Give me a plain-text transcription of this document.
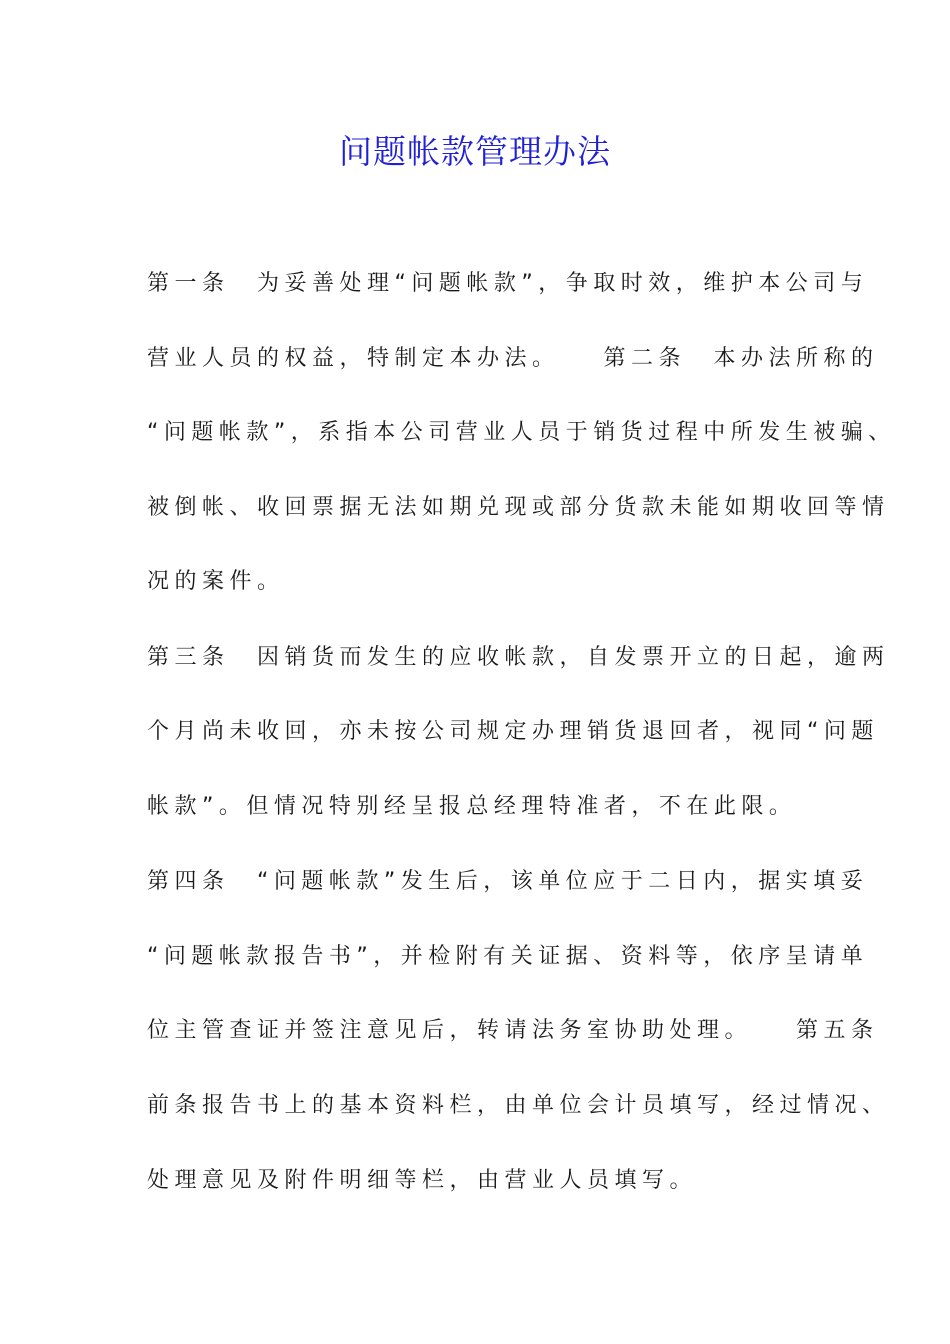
问题帐款管理办法

第一条　为妥善处理“问题帐款”，争取时效，维护本公司与

营业人员的权益，特制定本办法。　　第二条　本办法所称的

“问题帐款”，系指本公司营业人员于销货过程中所发生被骗、

被倒帐、收回票据无法如期兑现或部分货款未能如期收回等情

况的案件。

第三条　因销货而发生的应收帐款，自发票开立的日起，逾两

个月尚未收回，亦未按公司规定办理销货退回者，视同“问题

帐款”。但情况特别经呈报总经理特准者，不在此限。

第四条　“问题帐款”发生后，该单位应于二日内，据实填妥

“问题帐款报告书”，并检附有关证据、资料等，依序呈请单

位主管查证并签注意见后，转请法务室协助处理。　　第五条

前条报告书上的基本资料栏，由单位会计员填写，经过情况、

处理意见及附件明细等栏，由营业人员填写。
